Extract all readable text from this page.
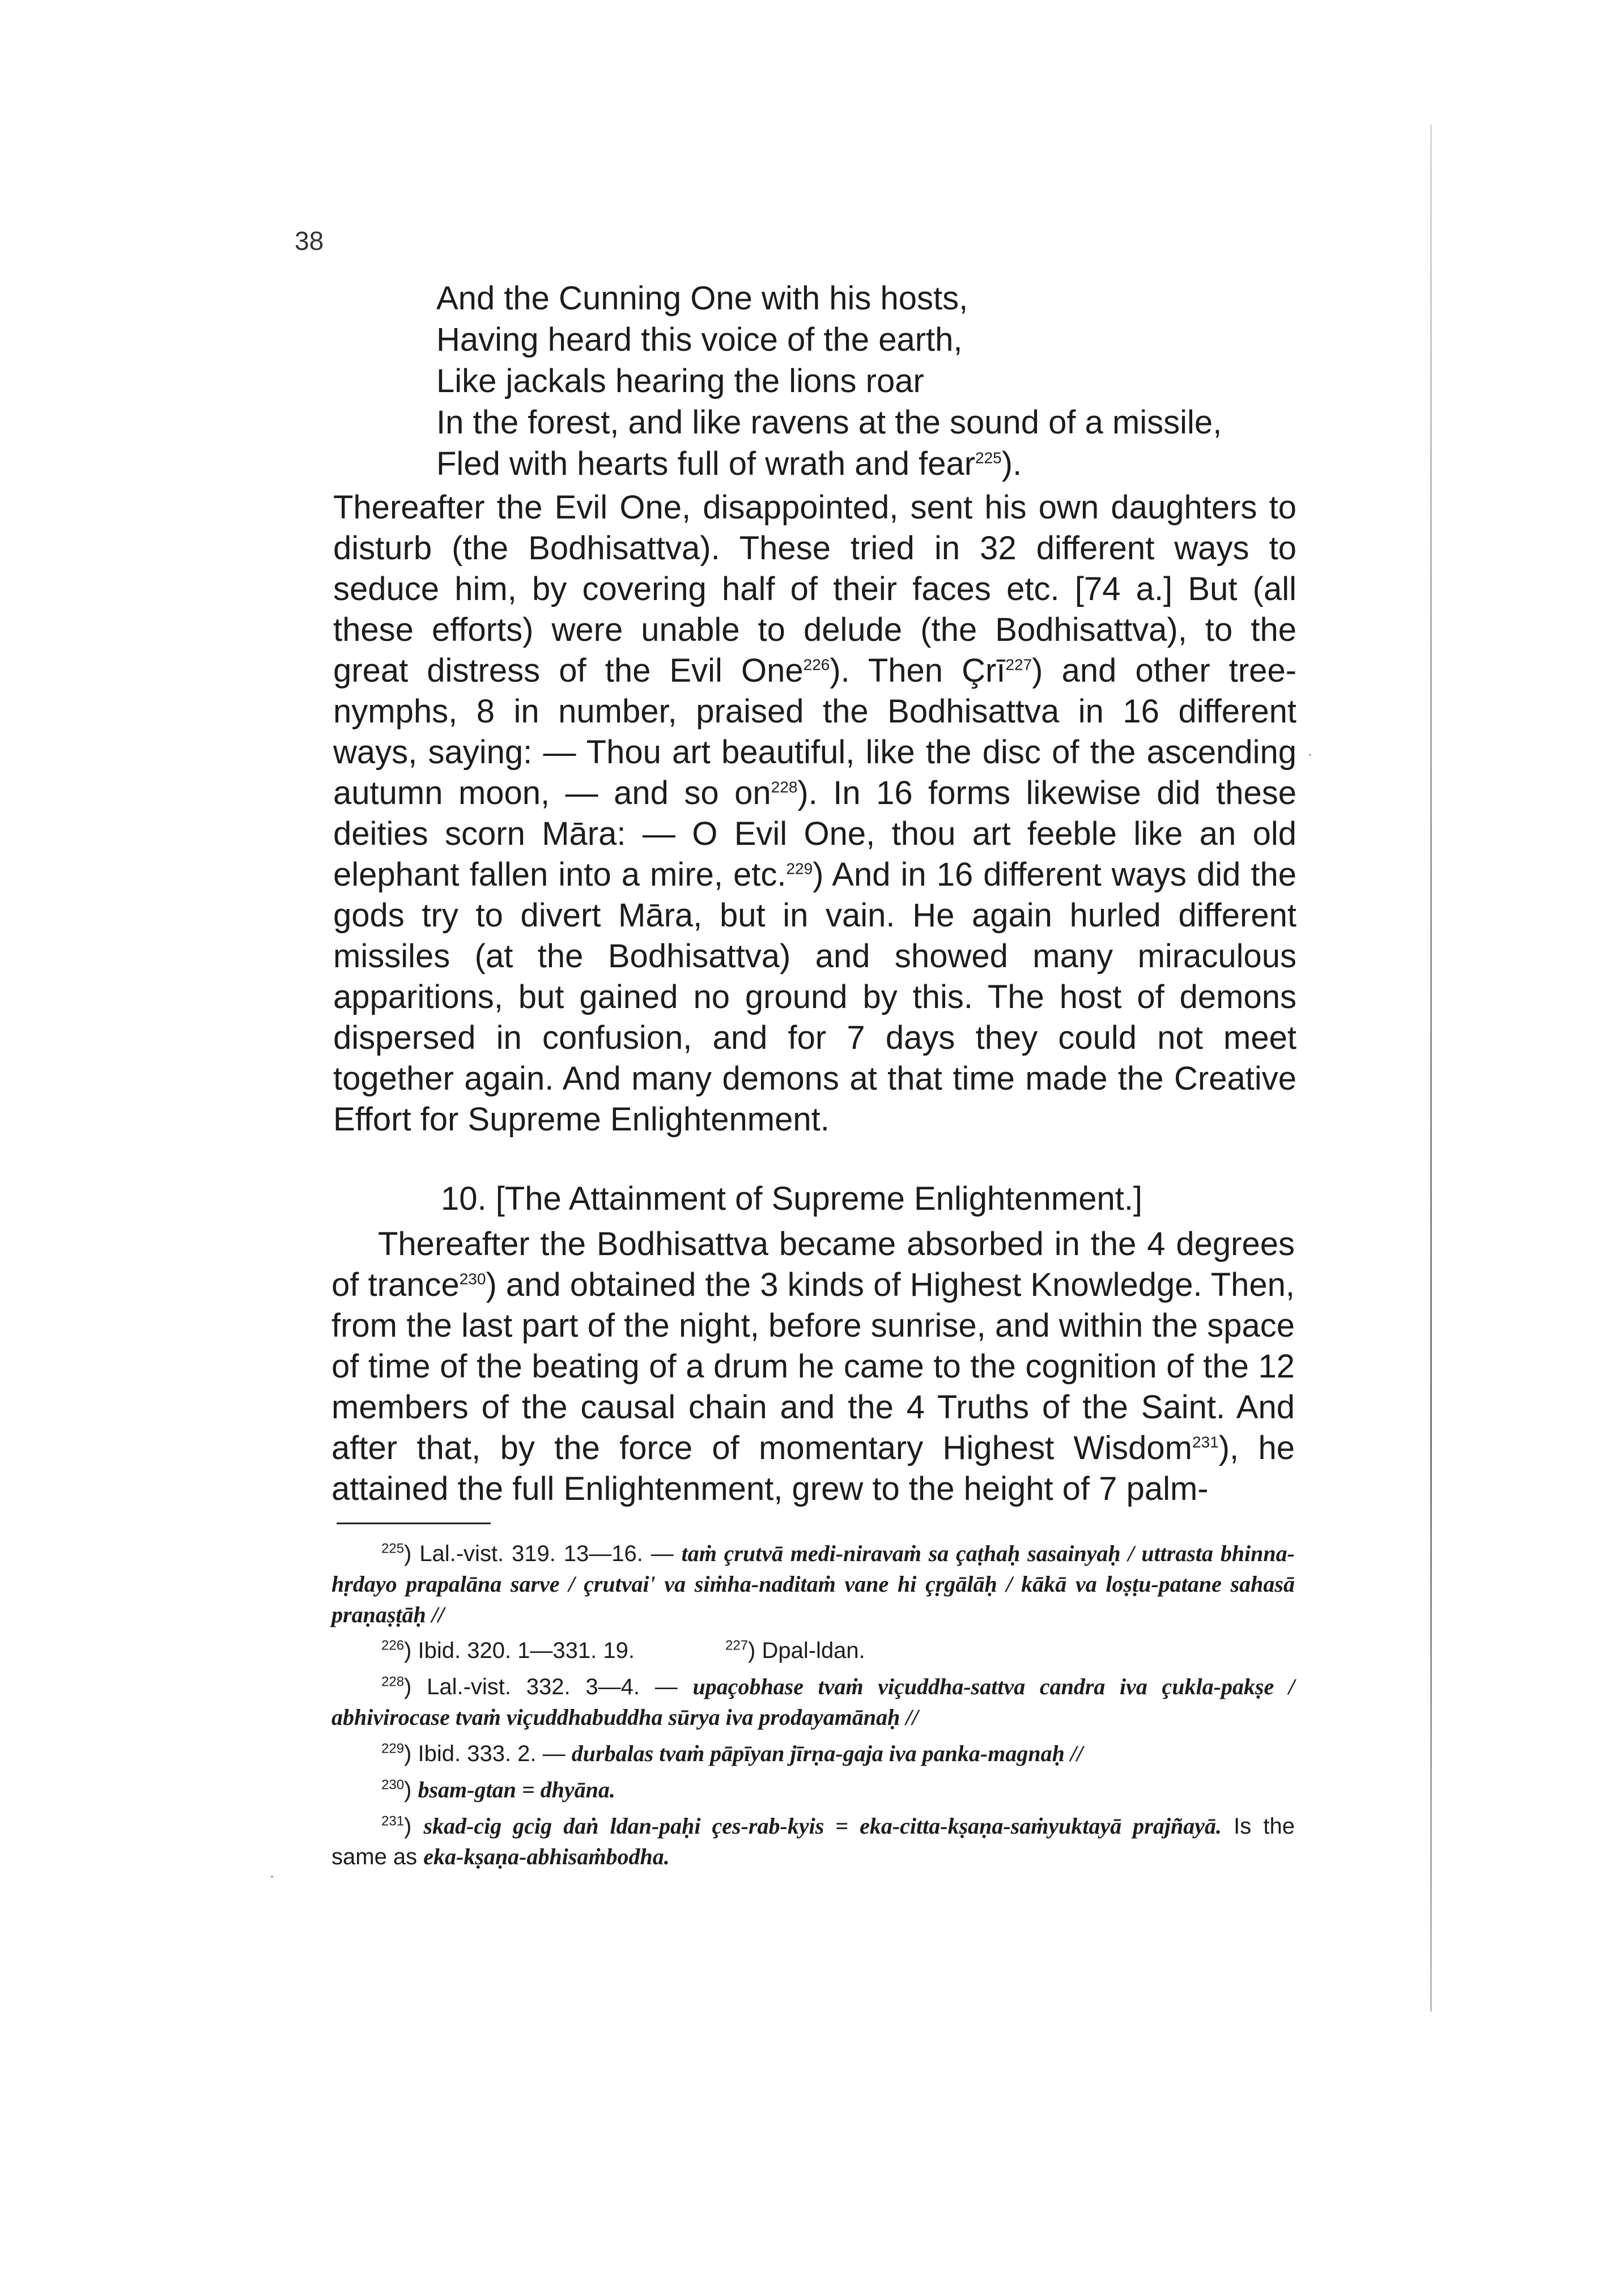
38
And the Cunning One with his hosts,
Having heard this voice of the earth,
Like jackals hearing the lions roar
In the forest, and like ravens at the sound of a missile,
Fled with hearts full of wrath and fear$^{225}$).

Thereafter the Evil One, disappointed, sent his own daughters to disturb (the Bodhisattva). These tried in 32 different ways to seduce him, by covering half of their faces etc. [74 a.] But (all these efforts) were unable to delude (the Bodhisattva), to the great distress of the Evil One$^{226}$). Then Çrī$^{227}$) and other tree-nymphs, 8 in number, praised the Bodhisattva in 16 different ways, saying: — Thou art beautiful, like the disc of the ascending autumn moon, — and so on$^{228}$). In 16 forms likewise did these deities scorn Māra: — O Evil One, thou art feeble like an old elephant fallen into a mire, etc.$^{229}$) And in 16 different ways did the gods try to divert Māra, but in vain. He again hurled different missiles (at the Bodhisattva) and showed many miraculous apparitions, but gained no ground by this. The host of demons dispersed in confusion, and for 7 days they could not meet together again. And many demons at that time made the Creative Effort for Supreme Enlightenment.

10. [The Attainment of Supreme Enlightenment.]

Thereafter the Bodhisattva became absorbed in the 4 degrees of trance$^{230}$) and obtained the 3 kinds of Highest Knowledge. Then, from the last part of the night, before sunrise, and within the space of time of the beating of a drum he came to the cognition of the 12 members of the causal chain and the 4 Truths of the Saint. And after that, by the force of momentary Highest Wisdom$^{231}$), he attained the full Enlightenment, grew to the height of 7 palm-

$^{225}$) Lal.-vist. 319. 13—16. — taṁ çrutvā medi-niravaṁ sa çaṭhaḥ sasainyaḥ / uttrasta bhinna-hṛdayo prapalāna sarve / çrutvai' va siṁha-naditaṁ vane hi çṛgālāḥ / kākā va loṣṭu-patane sahasā praṇaṣṭāḥ //

$^{226}$) Ibid. 320. 1—331. 19.	$^{227}$) Dpal-ldan.

$^{228}$) Lal.-vist. 332. 3—4. — upaçobhase tvaṁ viçuddha-sattva candra iva çukla-pakṣe / abhivirocase tvaṁ viçuddhabuddha sūrya iva prodayamānaḥ //

$^{229}$) Ibid. 333. 2. — durbalas tvaṁ pāpīyan jīrṇa-gaja iva panka-magnaḥ //

$^{230}$) bsam-gtan = dhyāna.

$^{231}$) skad-cig gcig daṅ ldan-paḥi çes-rab-kyis = eka-citta-kṣaṇa-saṁyuktayā prajñayā. Is the same as eka-kṣaṇa-abhisaṁbodha.
